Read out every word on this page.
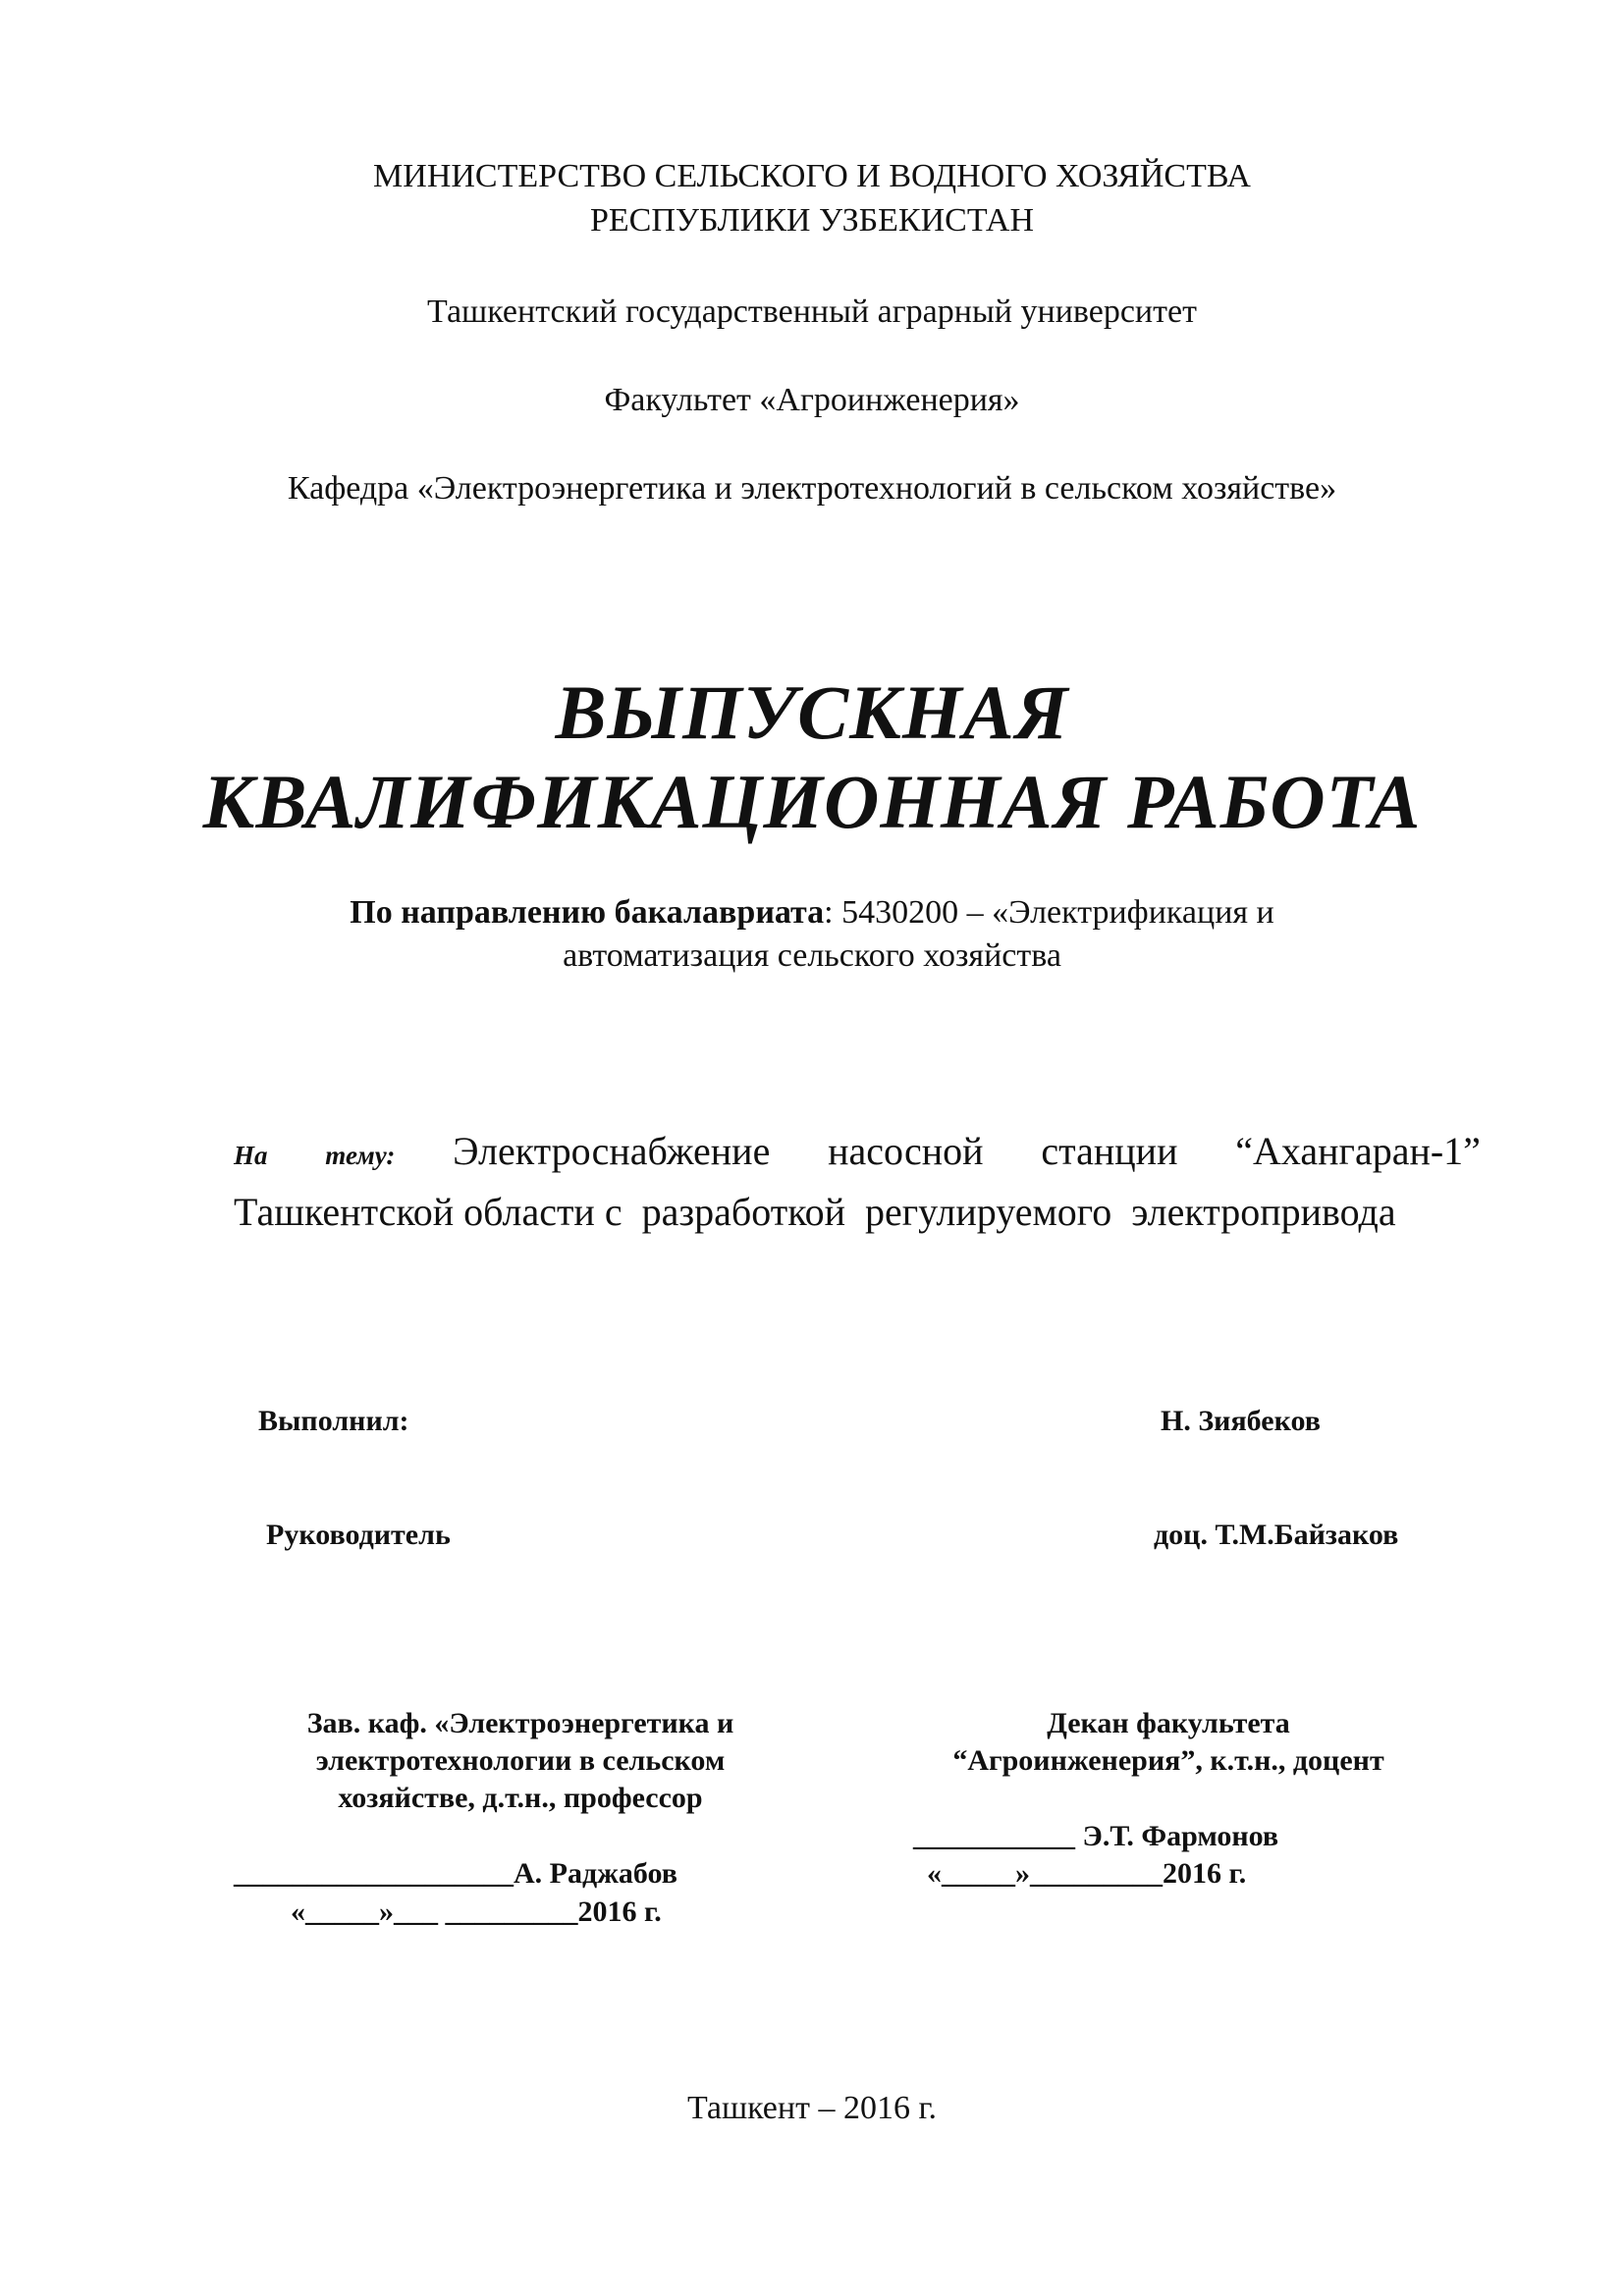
МИНИСТЕРСТВО СЕЛЬСКОГО И ВОДНОГО ХОЗЯЙСТВА
РЕСПУБЛИКИ УЗБЕКИСТАН
Ташкентский государственный аграрный университет
Факультет «Агроинженерия»
Кафедра «Электроэнергетика и электротехнологий в сельском хозяйстве»
ВЫПУСКНАЯ
КВАЛИФИКАЦИОННАЯ РАБОТА
По направлению бакалавриата: 5430200 – «Электрификация и
автоматизация сельского хозяйства
На тему: Электроснабжение насосной станции “Ахангаран-1”
Ташкентской области с  разработкой  регулируемого  электропривода
Выполнил:	Н. Зиябеков
Руководитель	доц. Т.М.Байзаков
Зав. каф. «Электроэнергетика и
электротехнологии в сельском
хозяйстве, д.т.н., профессор
___________________А. Раджабов
«_____»___ _________2016 г.
Декан факультета
“Агроинженерия”, к.т.н., доцент
___________ Э.Т. Фармонов
«_____»_________2016 г.
Ташкент – 2016 г.
